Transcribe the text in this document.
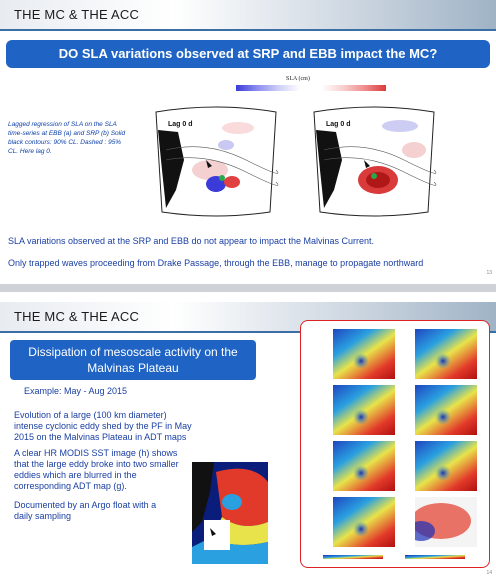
THE MC & THE ACC
DO SLA variations observed at SRP and EBB impact the MC?
SLA (cm)
Lagged regression of SLA on the SLA time-series at EBB (a) and SRP (b) Solid black contours: 90% CL. Dashed : 95% CL. Here lag 0.
Lag 0 d	Lag 0 d
SLA variations observed at the SRP and EBB do not appear to impact the Malvinas Current.
Only trapped waves proceeding from Drake Passage, through the EBB, manage to propagate northward
13
THE MC & THE ACC
Dissipation of mesoscale activity on the Malvinas Plateau
Example: May - Aug 2015
Evolution of a large (100 km diameter) intense cyclonic eddy shed by the PF in May 2015 on the Malvinas Plateau in ADT maps
A clear HR MODIS SST image (h) shows that the large eddy broke into two smaller eddies which are blurred in the corresponding ADT map (g).
Documented by an Argo float with a daily sampling
14
